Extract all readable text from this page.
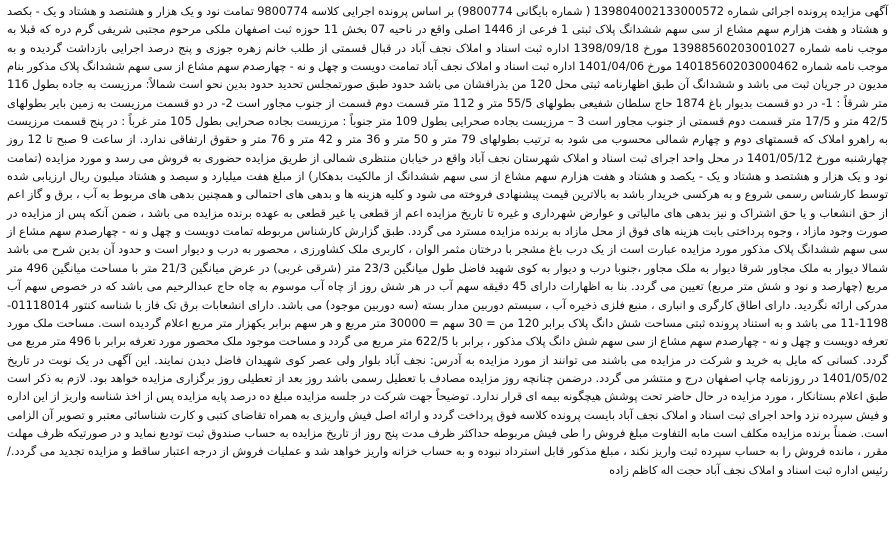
آگهی مزایده پرونده اجرائی شماره 139804002133000572 ( شماره بایگانی 9800774) بر اساس پرونده اجرایی کلاسه 9800774 تمامت نود و یک هزار و هشتصد و هشتاد و یک - بکصد و هشتاد و هفت هزارم سهم مشاع از سی سهم ششدانگ پلاک ثبتی 1 فرعی از 1446 اصلی واقع در ناحیه 07 بخش 11 حوزه ثبت اصفهان ملکی مرحوم مجتبی شریفی گرم دره که قبلا به موجب نامه شماره 13988560203001027 مورخ 1398/09/18 اداره ثبت اسناد و املاک نجف آباد در قبال قسمتی از طلب خانم زهره جوزی و پنج درصد اجرایی بازداشت گردیده و به موجب نامه شماره 14018560203000462 مورخ 1401/04/06 اداره ثبت اسناد و املاک نجف آباد تمامت دویست و چهل و نه - چهارصدم سهم مشاع از سی سهم ششدانگ پلاک مذکور بنام مدیون در جریان ثبت می باشد و ششدانگ آن طبق اظهارنامه ثبتی محل 120 من بذرافشان می باشد حدود طبق صورتمجلس تحدید حدود بدین نحو است شمالاً: مرزیست به جاده بطول 116 متر شرقاً : 1- در دو قسمت بدیوار باغ 1874 حاج سلطان شفیعی بطولهای 55/5 متر و 112 متر قسمت دوم قسمت از جنوب مجاور است 2- در دو قسمت مرزیست به زمین بایر بطولهای 42/5 متر و 17/5 متر قسمت دوم قسمتی از جنوب مجاور است 3 – مرزیست بجاده صحرایی بطول 109 متر جنوباً : مرزیست بجاده صحرایی بطول 105 متر غرباً : در پنج قسمت مرزیست به راهرو املاک که قسمتهای دوم و چهارم شمالی محسوب می شود به ترتیب بطولهای 79 متر و 50 متر و 36 متر و 42 متر و 76 متر و حقوق ارتفاقی ندارد. از ساعت 9 صبح تا 12 روز چهارشنبه مورخ 1401/05/12 در محل واحد اجرای ثبت اسناد و املاک شهرستان نجف آباد واقع در خیابان منتظری شمالی از طریق مزایده حضوری به فروش می رسد و مورد مزایده (تمامت نود و یک هزار و هشتصد و هشتاد و یک - یکصد و هشتاد و هفت هزارم سهم مشاع از سی سهم ششدانگ از مالکیت بدهکار) از مبلغ هفت میلیارد و سیصد و هشتاد میلیون ریال ارزیابی شده توسط کارشناس رسمی شروع و به هرکسی خریدار باشد به بالاترین قیمت پیشنهادی فروخته می شود و کلیه هزینه ها و بدهی های احتمالی و همچنین بدهی های مربوط به آب ، برق و گاز اعم از حق انشعاب و یا حق اشتراک و نیز بدهی های مالیاتی و عوارض شهرداری و غیره تا تاریخ مزایده اعم از قطعی یا غیر قطعی به عهده برنده مزایده می باشد ، ضمن آنکه پس از مزایده در صورت وجود مازاد ، وجوه پرداختی بابت هزینه های فوق از محل مازاد به برنده مزایده مسترد می گردد. طبق گزارش کارشناس مربوطه تمامت دویست و چهل و نه - چهارصدم سهم مشاع از سی سهم ششدانگ پلاک مذکور مورد مزایده عبارت است از یک درب باغ مشجر با درختان مثمر الوان ، کاربری ملک کشاورزی ، محصور به درب و دیوار است و حدود آن بدین شرح می باشد شمالا دیوار به ملک مجاور شرقا دیوار به ملک مجاور ،جنوبا درب و دیوار به کوی شهید فاضل طول میانگین 23/3 متر (شرقی غربی) در عرض میانگین 21/3 متر با مساحت میانگین 496 متر مربع (چهارصد و نود و شش متر مربع) تعیین می گردد. بنا به اظهارات دارای 45 دقیقه سهم آب در هر شش روز از چاه آب موسوم به چاه حاج عبدالرحیم می باشد که در خصوص سهم آب مدرکی ارائه نگردید. دارای اطاق کارگری و انباری ، منبع فلزی ذخیره آب ، سیستم دوربین مدار بسته (سه دوربین موجود) می باشد. دارای انشعابات برق تک فاز با شناسه کنتور 01118014-1198-11 می باشد و به استناد پرونده ثبتی مساحت شش دانگ پلاک برابر 120 من = 30 سهم = 30000 متر مربع و هر سهم برابر یکهزار متر مربع اعلام گردیده است. مساحت ملک مورد تعرفه دویست و چهل و نه - چهارصدم سهم مشاع از سی سهم شش دانگ پلاک مذکور ، برابر با 622/5 متر مربع می گردد و مساحت موجود ملک محصور مورد تعرفه برابر با 496 متر مربع می گردد. کسانی که مایل به خرید و شرکت در مزایده می باشند می توانند از مورد مزایده به آدرس: نجف آباد بلوار ولی عصر کوی شهیدان فاضل دیدن نمایند. این آگهی در یک نوبت در تاریخ 1401/05/02 در روزنامه چاپ اصفهان درج و منتشر می گردد. درضمن چنانچه روز مزایده مصادف با تعطیل رسمی باشد روز بعد از تعطیلی روز برگزاری مزایده خواهد بود. لازم به ذکر است طبق اعلام بستانکار ، مورد مزایده در حال حاضر تحت پوشش هیچگونه بیمه ای قرار ندارد. توضیحاً جهت شرکت در جلسه مزایده مبلغ ده درصد پایه مزایده پس از اخذ شناسه واریز از این اداره و فیش سپرده نزد واحد اجرای ثبت اسناد و املاک نجف آباد بایست پرونده کلاسه فوق پرداخت گردد و ارائه اصل فیش واریزی به همراه تقاضای کتبی و کارت شناسائی معتبر و تصویر آن الزامی است. ضمناً برنده مزایده مکلف است مابه التفاوت مبلغ فروش را طی فیش مربوطه حداکثر ظرف مدت پنج روز از تاریخ مزایده به حساب صندوق ثبت تودیع نماید و در صورتیکه ظرف مهلت مقرر ، مانده فروش را به حساب سپرده ثبت واریز نکند ، مبلغ مذکور قابل استرداد نبوده و به حساب خزانه واریز خواهد شد و عملیات فروش از درجه اعتبار ساقط و مزایده تجدید می گردد./ رئیس اداره ثبت اسناد و املاک نجف آباد حجت اله کاظم زاده
